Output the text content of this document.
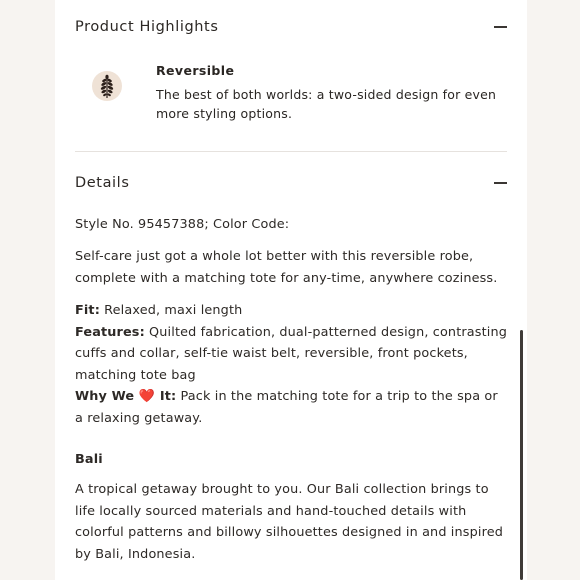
Product Highlights
Reversible
The best of both worlds: a two-sided design for even more styling options.
Details
Style No. 95457388; Color Code:
Self-care just got a whole lot better with this reversible robe, complete with a matching tote for any-time, anywhere coziness.
Fit: Relaxed, maxi length
Features: Quilted fabrication, dual-patterned design, contrasting cuffs and collar, self-tie waist belt, reversible, front pockets, matching tote bag
Why We ❤️ It: Pack in the matching tote for a trip to the spa or a relaxing getaway.
Bali
A tropical getaway brought to you. Our Bali collection brings to life locally sourced materials and hand-touched details with colorful patterns and billowy silhouettes designed in and inspired by Bali, Indonesia.
